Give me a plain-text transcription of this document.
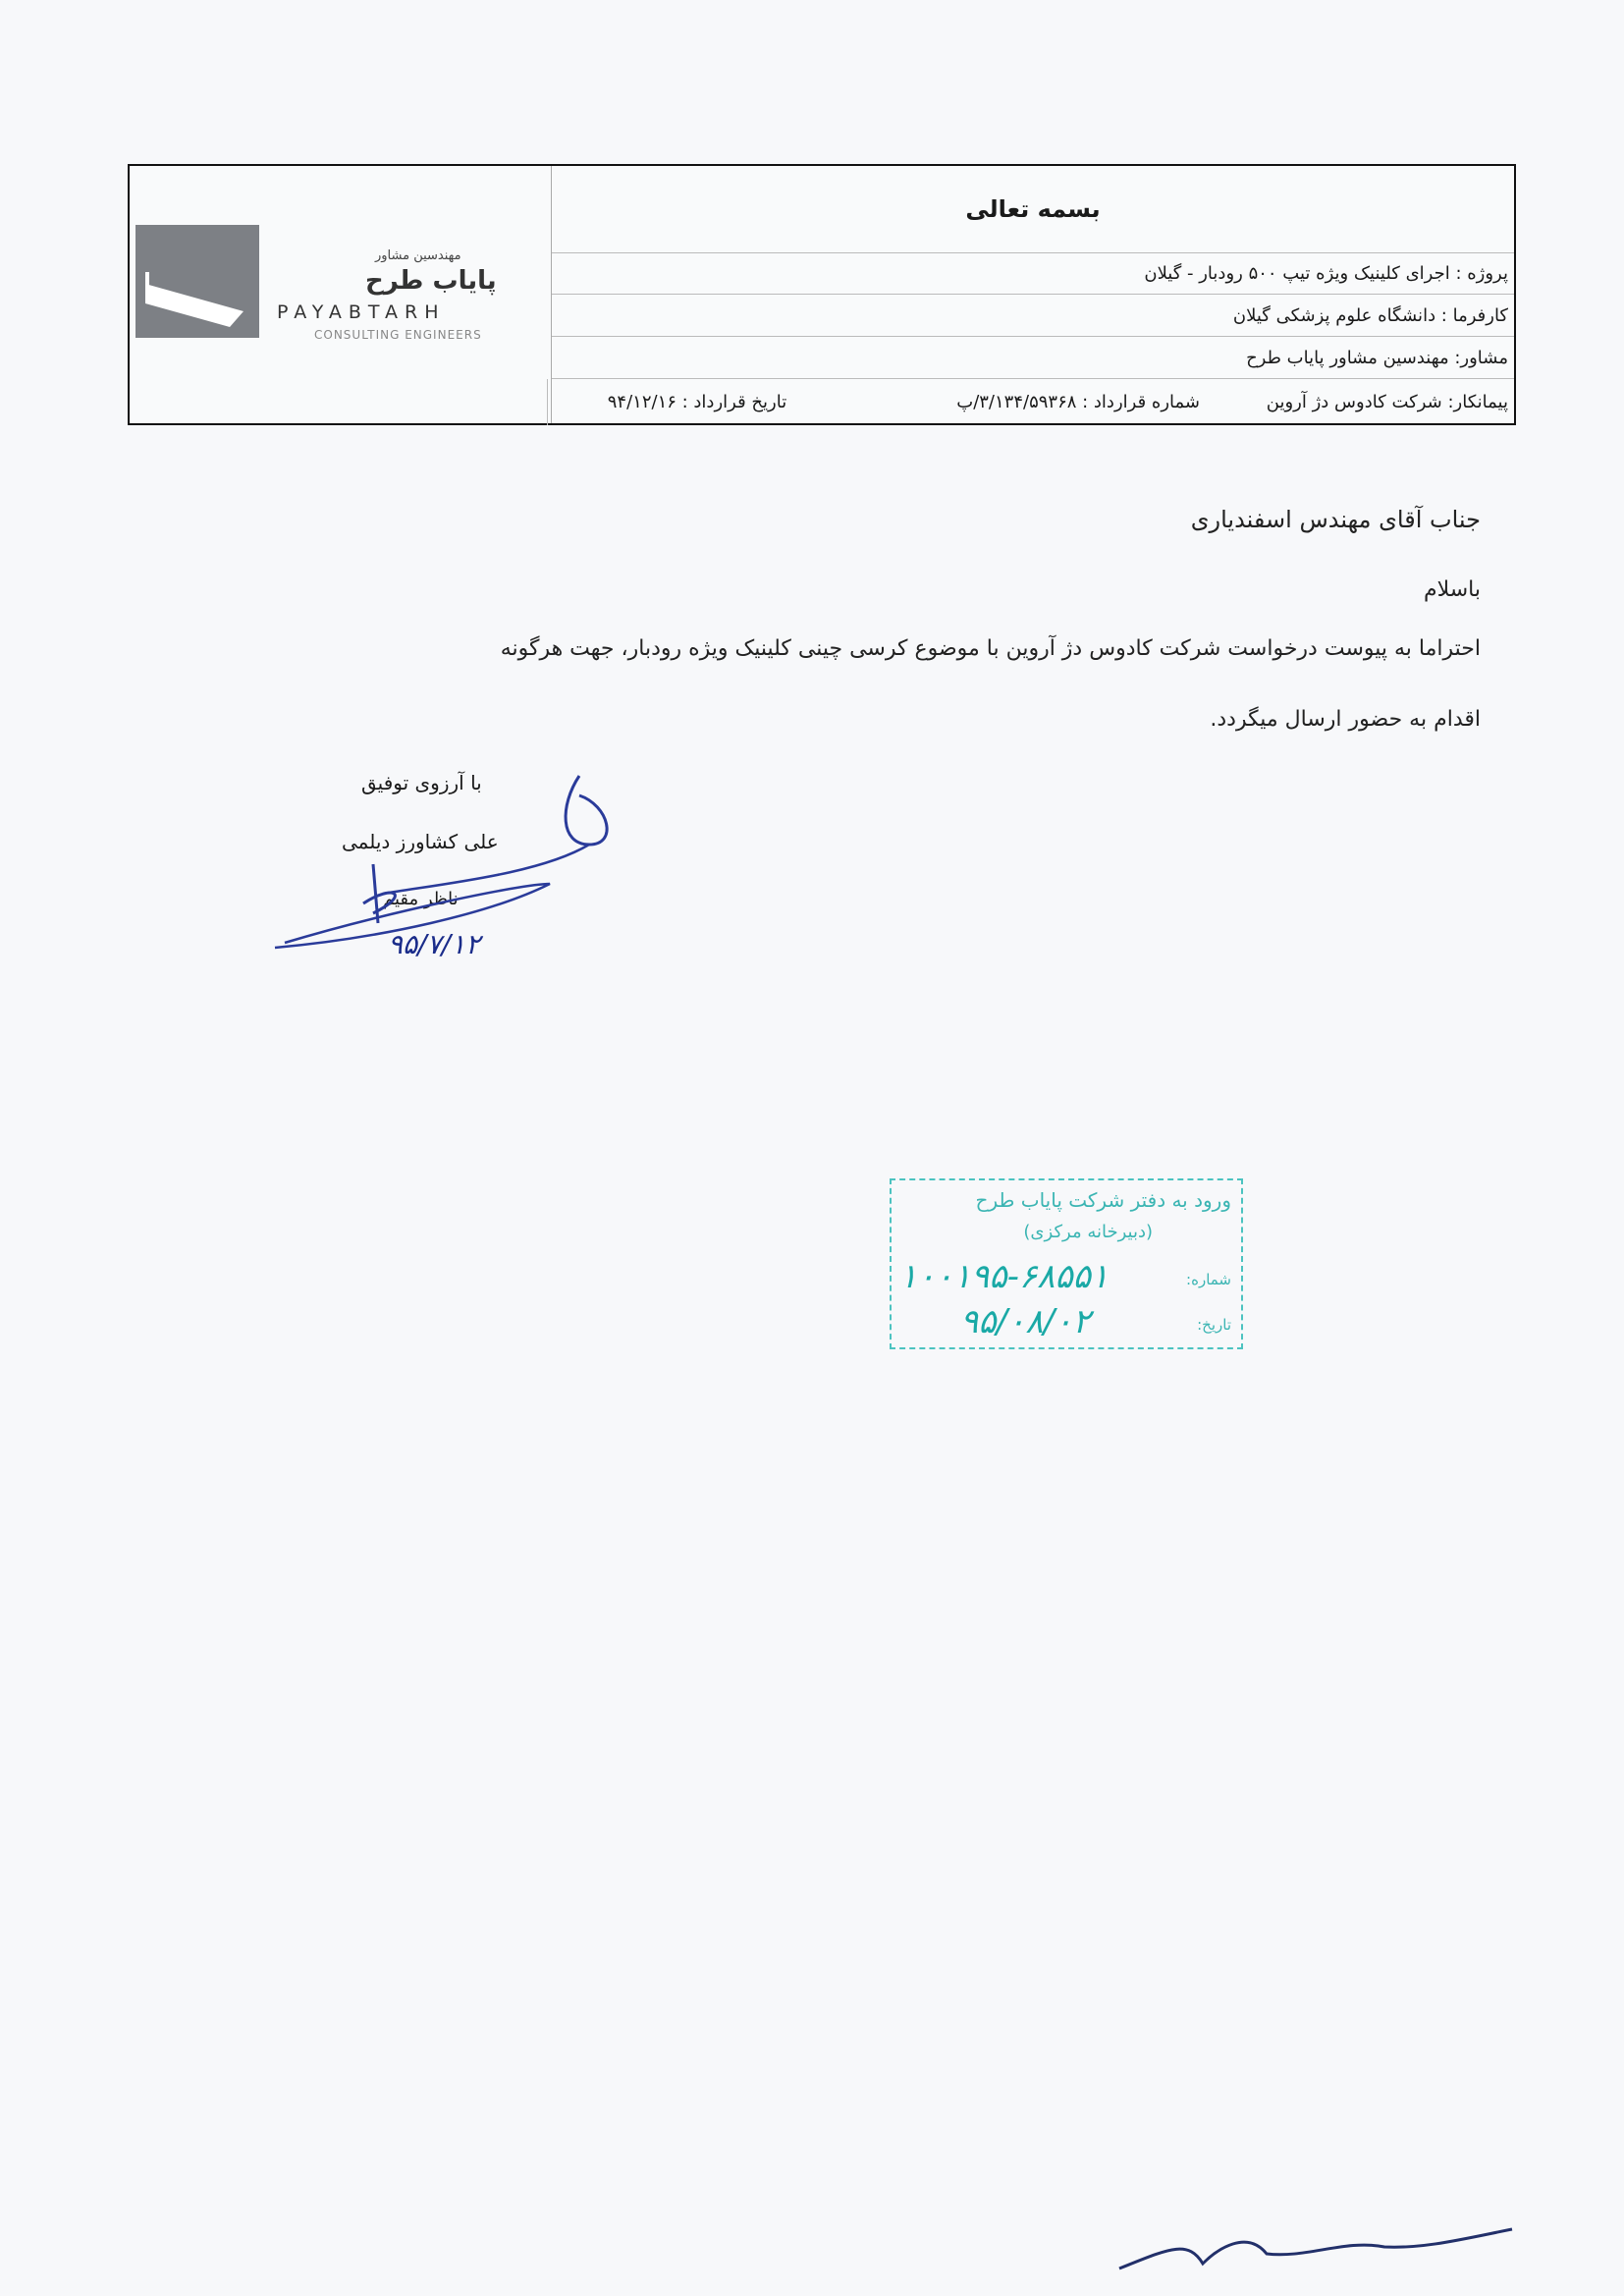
مهندسین مشاور
پایاب طرح
PAYABTARH
CONSULTING ENGINEERS
بسمه تعالی
پروژه : اجرای کلینیک ویژه تیپ ۵۰۰ رودبار - گیلان
کارفرما : دانشگاه علوم پزشکی گیلان
مشاور: مهندسین مشاور پایاب طرح
پیمانکار: شرکت کادوس دژ آروین
شماره قرارداد : ۳/۱۳۴/۵۹۳۶۸/پ
تاریخ قرارداد : ۹۴/۱۲/۱۶
جناب آقای مهندس اسفندیاری
باسلام
احتراما به پیوست درخواست شرکت کادوس دژ آروین با موضوع کرسی چینی کلینیک ویژه رودبار، جهت هرگونه
اقدام به حضور ارسال میگردد.
با آرزوی توفیق
علی کشاورز دیلمی
ناظر مقیم
۹۵/۷/۱۲
ورود به دفتر شرکت پایاب طرح
(دبیرخانه مرکزی)
شماره:
۱۰۰۱۹۵-۶۸۵۵۱
تاریخ:
۹۵/۰۸/۰۲
